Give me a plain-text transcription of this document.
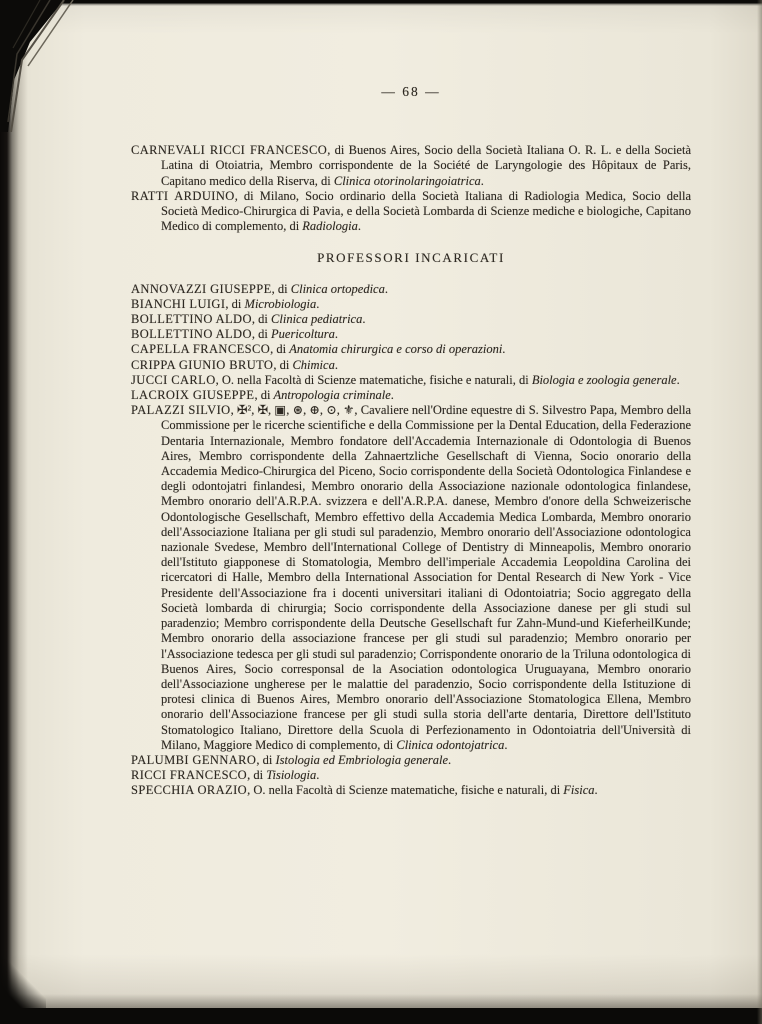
— 68 —

CARNEVALI RICCI FRANCESCO, di Buenos Aires, Socio della Società Italiana O. R. L. e della Società Latina di Otoiatria, Membro corrispondente de la Société de Laryngologie des Hôpitaux de Paris, Capitano medico della Riserva, di Clinica otorinolaringoiatrica.

RATTI ARDUINO, di Milano, Socio ordinario della Società Italiana di Radiologia Medica, Socio della Società Medico-Chirurgica di Pavia, e della Società Lombarda di Scienze mediche e biologiche, Capitano Medico di complemento, di Radiologia.

PROFESSORI INCARICATI

ANNOVAZZI GIUSEPPE, di Clinica ortopedica.

BIANCHI LUIGI, di Microbiologia.

BOLLETTINO ALDO, di Clinica pediatrica.

BOLLETTINO ALDO, di Puericoltura.

CAPELLA FRANCESCO, di Anatomia chirurgica e corso di operazioni.

CRIPPA GIUNIO BRUTO, di Chimica.

JUCCI CARLO, O. nella Facoltà di Scienze matematiche, fisiche e naturali, di Biologia e zoologia generale.

LACROIX GIUSEPPE, di Antropologia criminale.

PALAZZI SILVIO, ✠², ✠, ▣, ⊛, ⊕, ⊙, ⚜, Cavaliere nell'Ordine equestre di S. Silvestro Papa, Membro della Commissione per le ricerche scientifiche e della Commissione per la Dental Education, della Federazione Dentaria Internazionale, Membro fondatore dell'Accademia Internazionale di Odontologia di Buenos Aires, Membro corrispondente della Zahnaertzliche Gesellschaft di Vienna, Socio onorario della Accademia Medico-Chirurgica del Piceno, Socio corrispondente della Società Odontologica Finlandese e degli odontojatri finlandesi, Membro onorario della Associazione nazionale odontologica finlandese, Membro onorario dell'A.R.P.A. svizzera e dell'A.R.P.A. danese, Membro d'onore della Schweizerische Odontologische Gesellschaft, Membro effettivo della Accademia Medica Lombarda, Membro onorario dell'Associazione Italiana per gli studi sul paradenzio, Membro onorario dell'Associazione odontologica nazionale Svedese, Membro dell'International College of Dentistry di Minneapolis, Membro onorario dell'Istituto giapponese di Stomatologia, Membro dell'imperiale Accademia Leopoldina Carolina dei ricercatori di Halle, Membro della International Association for Dental Research di New York - Vice Presidente dell'Associazione fra i docenti universitari italiani di Odontoiatria; Socio aggregato della Società lombarda di chirurgia; Socio corrispondente della Associazione danese per gli studi sul paradenzio; Membro corrispondente della Deutsche Gesellschaft fur Zahn-Mund-und KieferheilKunde; Membro onorario della associazione francese per gli studi sul paradenzio; Membro onorario per l'Associazione tedesca per gli studi sul paradenzio; Corrispondente onorario de la Triluna odontologica di Buenos Aires, Socio corresponsal de la Asociation odontologica Uruguayana, Membro onorario dell'Associazione ungherese per le malattie del paradenzio, Socio corrispondente della Istituzione di protesi clinica di Buenos Aires, Membro onorario dell'Associazione Stomatologica Ellena, Membro onorario dell'Associazione francese per gli studi sulla storia dell'arte dentaria, Direttore dell'Istituto Stomatologico Italiano, Direttore della Scuola di Perfezionamento in Odontoiatria dell'Università di Milano, Maggiore Medico di complemento, di Clinica odontojatrica.

PALUMBI GENNARO, di Istologia ed Embriologia generale.

RICCI FRANCESCO, di Tisiologia.

SPECCHIA ORAZIO, O. nella Facoltà di Scienze matematiche, fisiche e naturali, di Fisica.
